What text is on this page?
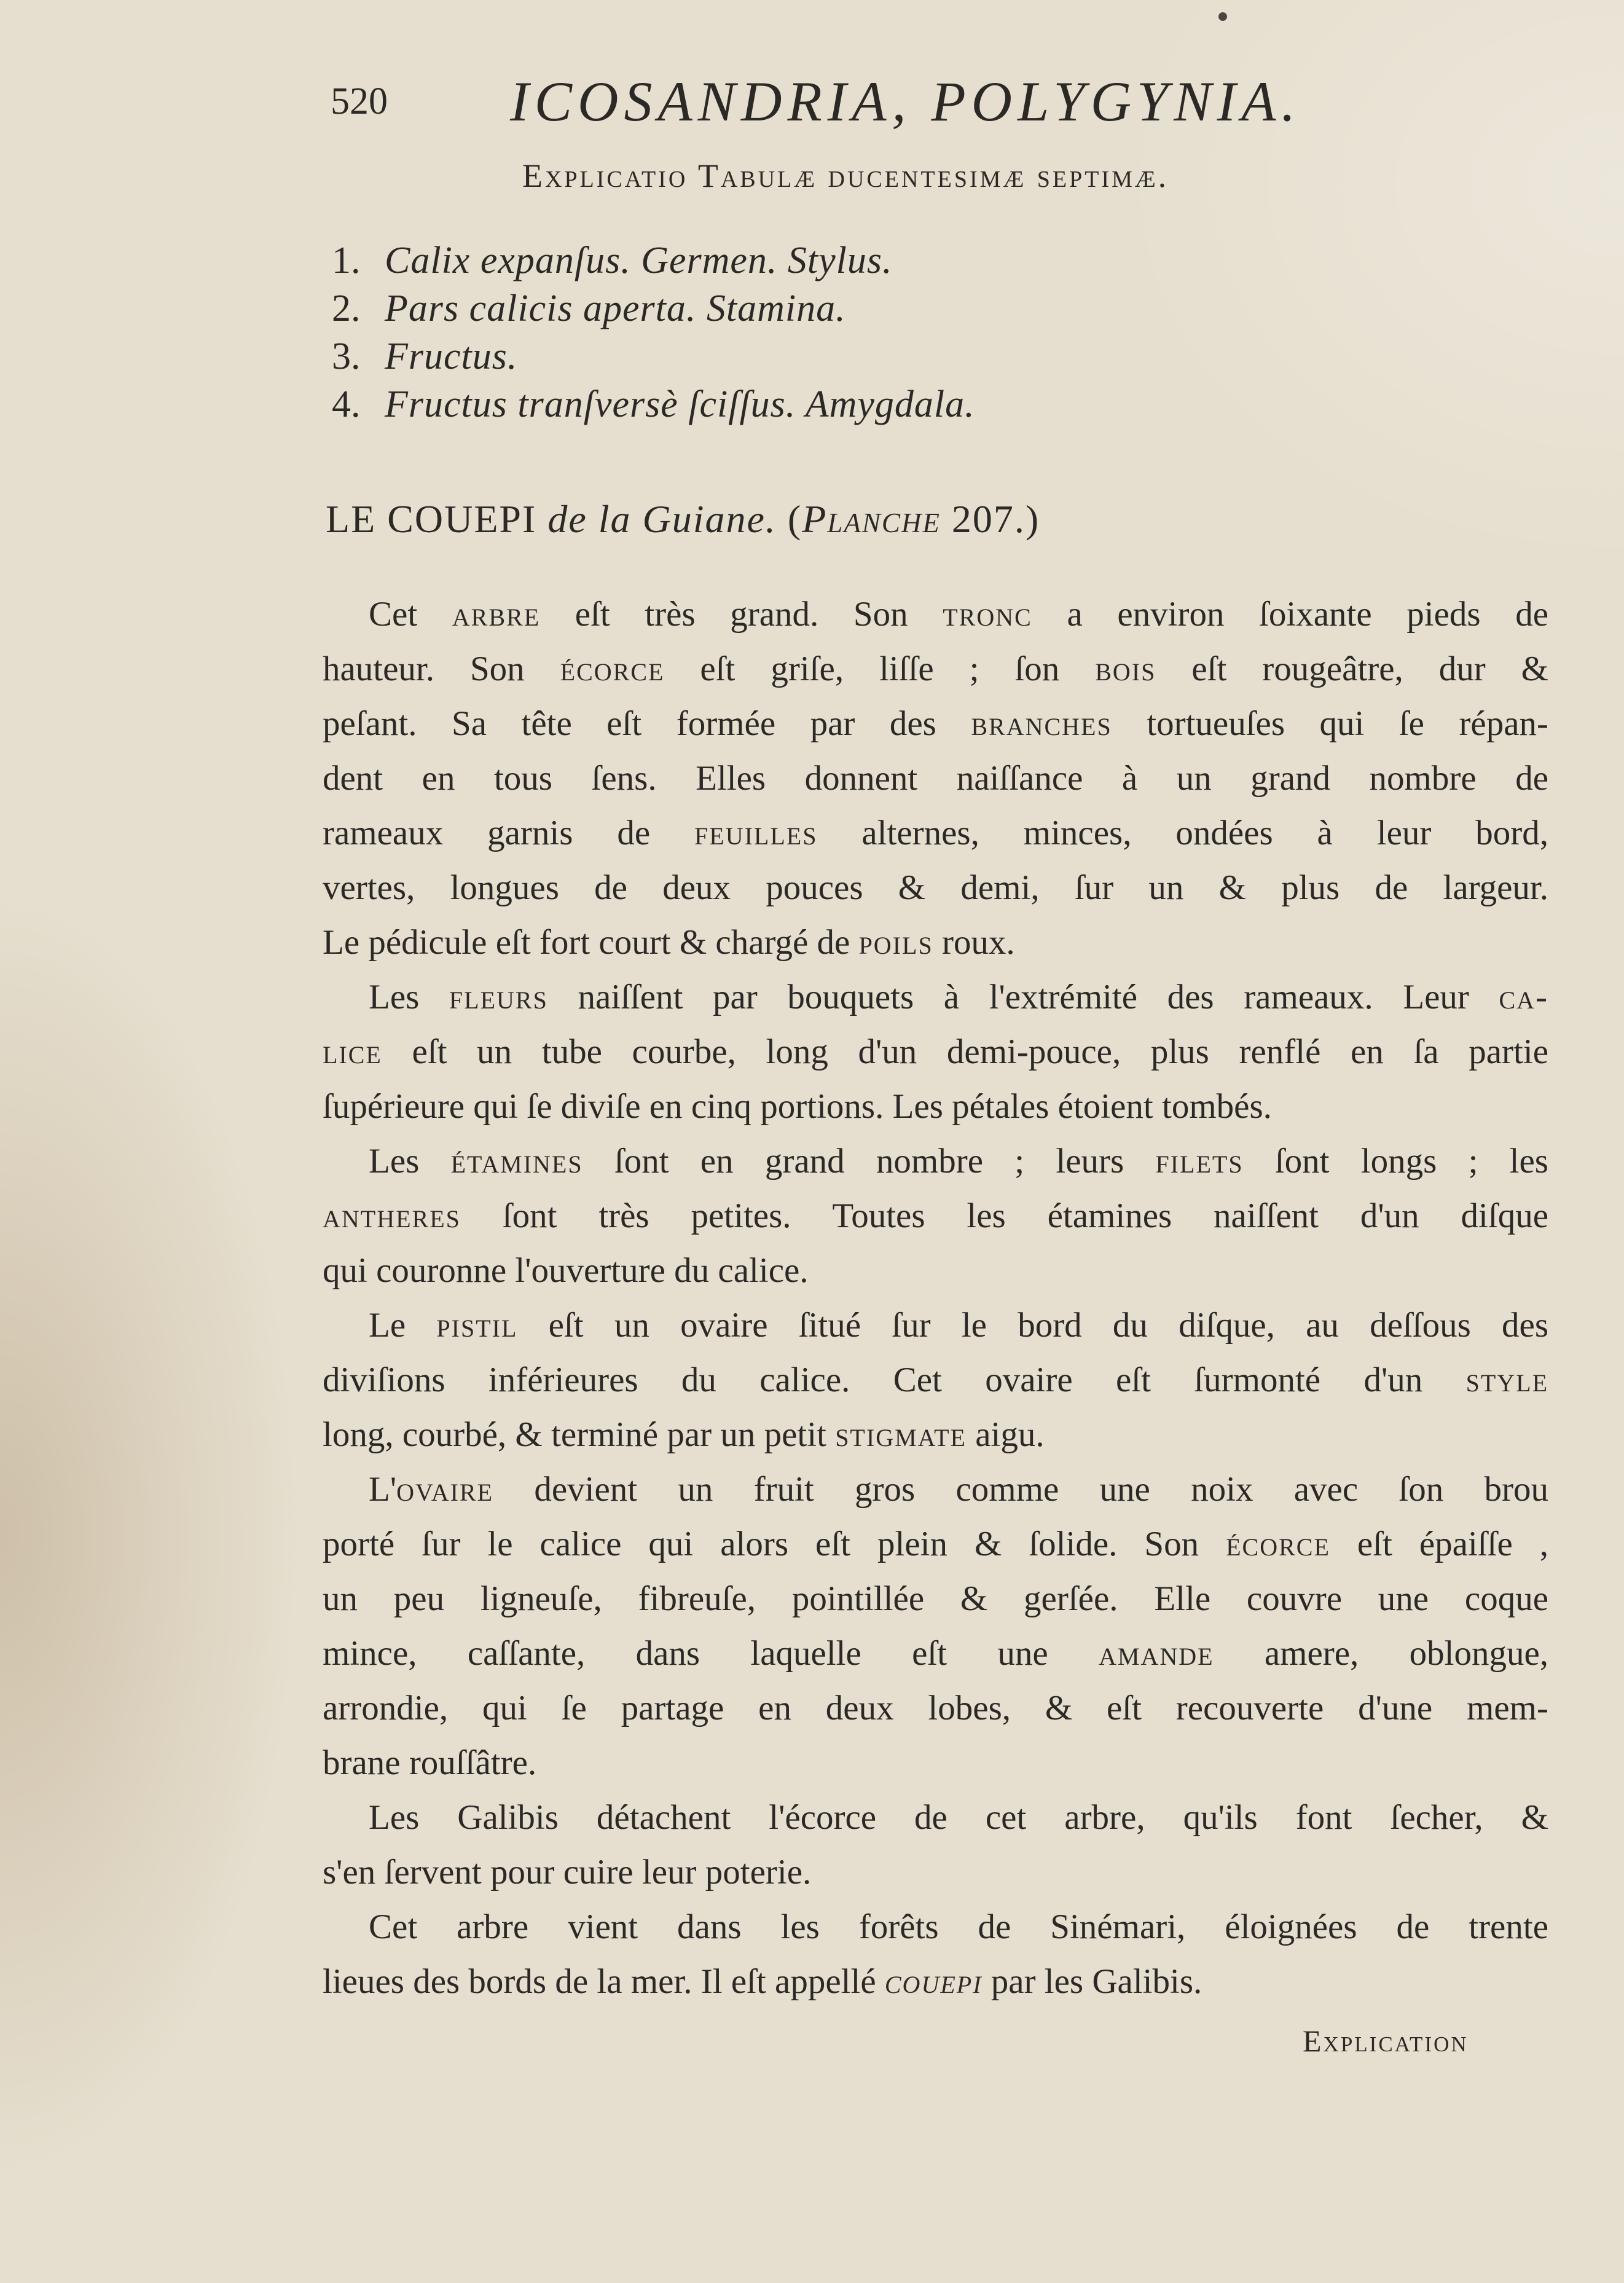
520 ICOSANDRIA, POLYGYNIA.
Explicatio Tabulæ ducentesimæ septimæ.
1. Calix expanſus. Germen. Stylus.
2. Pars calicis aperta. Stamina.
3. Fructus.
4. Fructus tranſversè ſciſſus. Amygdala.
LE COUEPI de la Guiane. (Planche 207.)
Cet arbre eſt très grand. Son tronc a environ ſoixante pieds de
hauteur. Son écorce eſt griſe, liſſe ; ſon bois eſt rougeâtre, dur &
peſant. Sa tête eſt formée par des branches tortueuſes qui ſe répan-
dent en tous ſens. Elles donnent naiſſance à un grand nombre de
rameaux garnis de feuilles alternes, minces, ondées à leur bord,
vertes, longues de deux pouces & demi, ſur un & plus de largeur.
Le pédicule eſt fort court & chargé de poils roux.
Les fleurs naiſſent par bouquets à l'extrémité des rameaux. Leur ca-
lice eſt un tube courbe, long d'un demi-pouce, plus renflé en ſa partie
ſupérieure qui ſe diviſe en cinq portions. Les pétales étoient tombés.
Les étamines ſont en grand nombre ; leurs filets ſont longs ; les
antheres ſont très petites. Toutes les étamines naiſſent d'un diſque
qui couronne l'ouverture du calice.
Le pistil eſt un ovaire ſitué ſur le bord du diſque, au deſſous des
diviſions inférieures du calice. Cet ovaire eſt ſurmonté d'un style
long, courbé, & terminé par un petit stigmate aigu.
L'ovaire devient un fruit gros comme une noix avec ſon brou
porté ſur le calice qui alors eſt plein & ſolide. Son écorce eſt épaiſſe ,
un peu ligneuſe, fibreuſe, pointillée & gerſée. Elle couvre une coque
mince, caſſante, dans laquelle eſt une amande amere, oblongue,
arrondie, qui ſe partage en deux lobes, & eſt recouverte d'une mem-
brane rouſſâtre.
Les Galibis détachent l'écorce de cet arbre, qu'ils font ſecher, &
s'en ſervent pour cuire leur poterie.
Cet arbre vient dans les forêts de Sinémari, éloignées de trente
lieues des bords de la mer. Il eſt appellé couepi par les Galibis.
Explication
